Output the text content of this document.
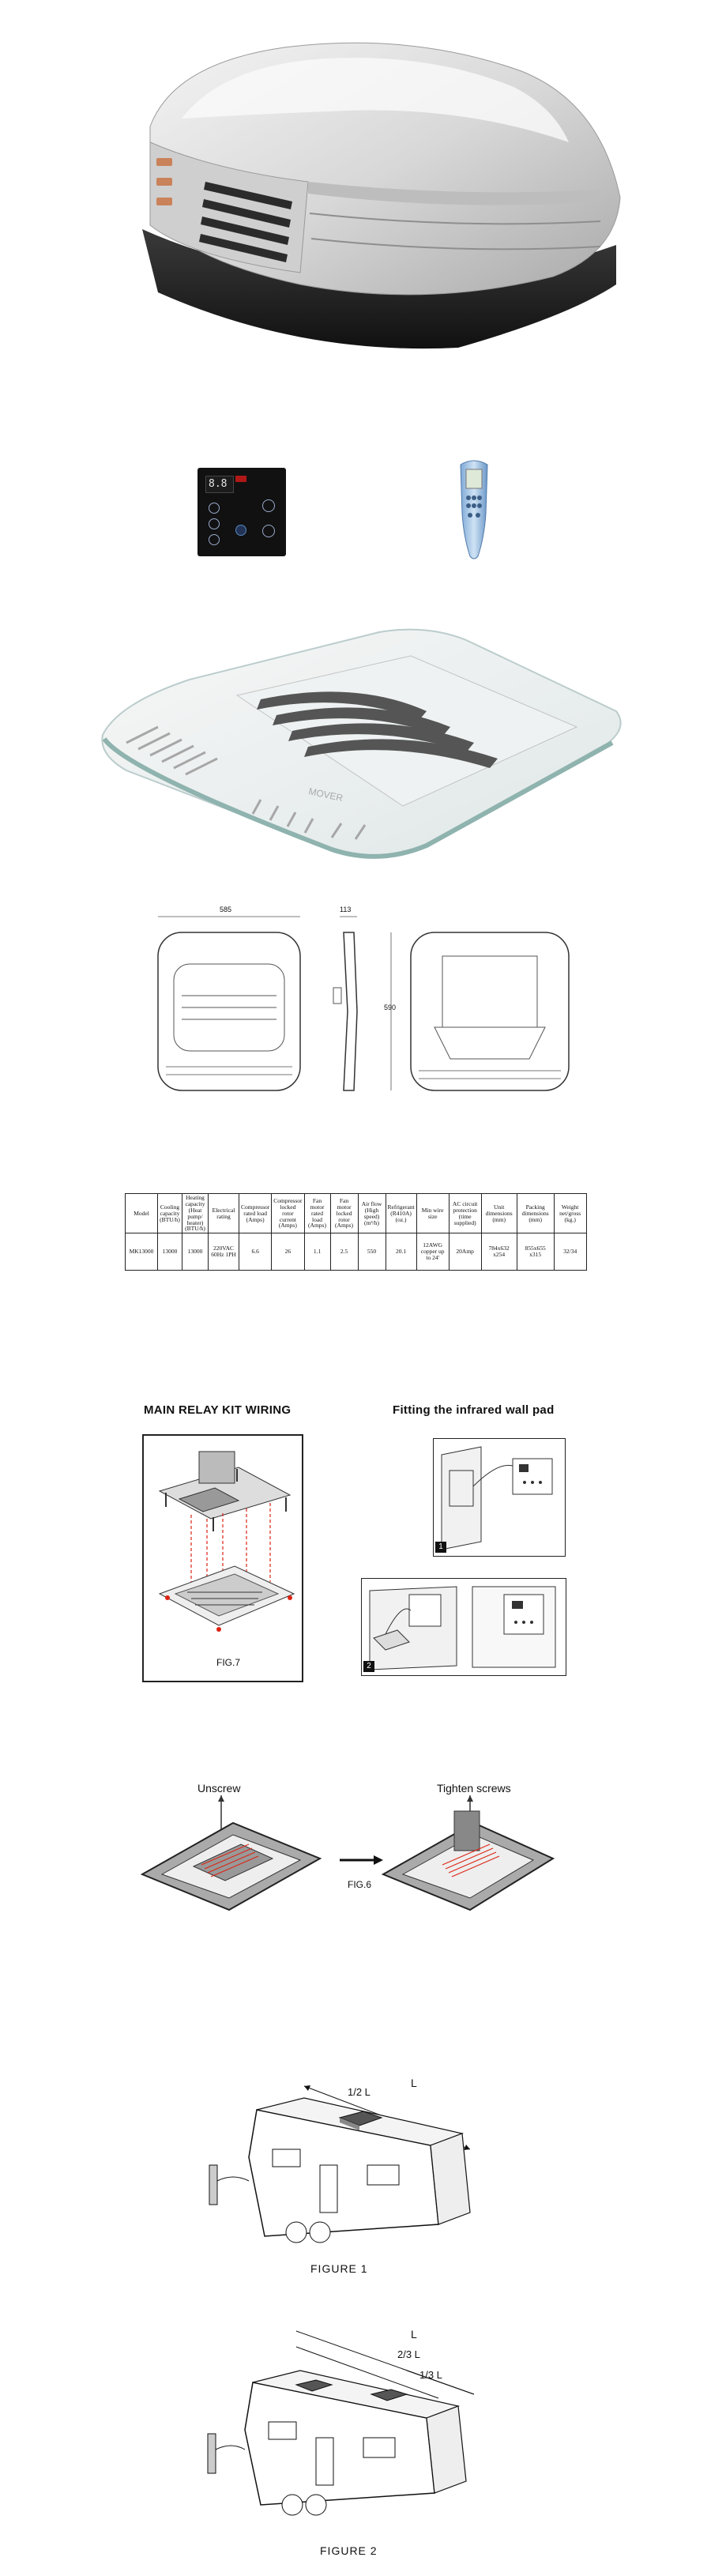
8.8
MOVER
585	113
590
Model	Cooling capacity (BTU/h)	Heating capacity (Heat pump/ heater) (BTU/h)	Electrical rating	Compressor rated load (Amps)	Compressor locked rotor current (Amps)	Fan motor rated load (Amps)	Fan motor locked rotor (Amps)	Air flow (High speed) (m³/h)	Refrigerant (R410A) (oz.)	Min wire size	AC circuit protection (time supplied)	Unit dimensions (mm)	Packing dimensions (mm)	Weight net/gross (kg.)
MK13000	13000	13000	220VAC 60Hz 1PH	6.6	26	1.1	2.5	550	20.1	12AWG copper up to 24'	20Amp	784x632 x254	855x655 x315	32/34
MAIN RELAY KIT WIRING	Fitting the infrared wall pad
FIG.7
1
2
Unscrew	Tighten screws
FIG.6
1/2 L
L
FIGURE 1
L
2/3 L
1/3 L
FIGURE 2
